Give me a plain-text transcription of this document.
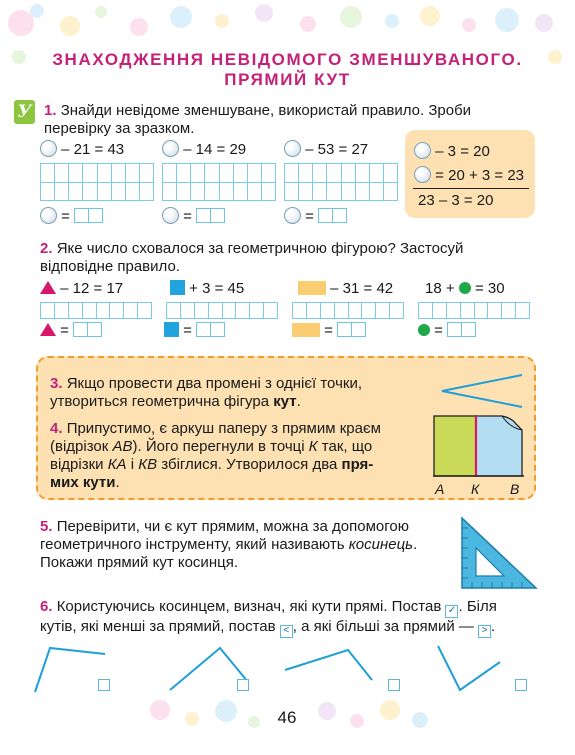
ЗНАХОДЖЕННЯ НЕВІДОМОГО ЗМЕНШУВАНОГО.
ПРЯМИЙ КУТ
У 1. Знайди невідоме зменшуване, використай правило. Зроби
перевірку за зразком.
– 21 = 43	– 14 = 29	– 53 = 27
=	=	=
– 3 = 20
= 20 + 3 = 23
23 – 3 = 20
2. Яке число сховалося за геометричною фігурою? Застосуй
відповідне правило.
– 12 = 17	+ 3 = 45	– 31 = 42 18 + = 30
=	=	=	=
3. Якщо провести два промені з однієї точки,
утвориться геометрична фігура кут.
4. Припустимо, є аркуш паперу з прямим краєм
(відрізок АВ). Його перегнули в точці К так, що
відрізки КА і КВ збіглися. Утворилося два пря-
мих кути.	А К В
5. Перевірити, чи є кут прямим, можна за допомогою
геометричного інструменту, який називають косинець.
Покажи прямий кут косинця.
6. Користуючись косинцем, визнач, які кути прямі. Постав ✓ . Біля
кутів, які менші за прямий, постав < , а які більші за прямий — > .
46
